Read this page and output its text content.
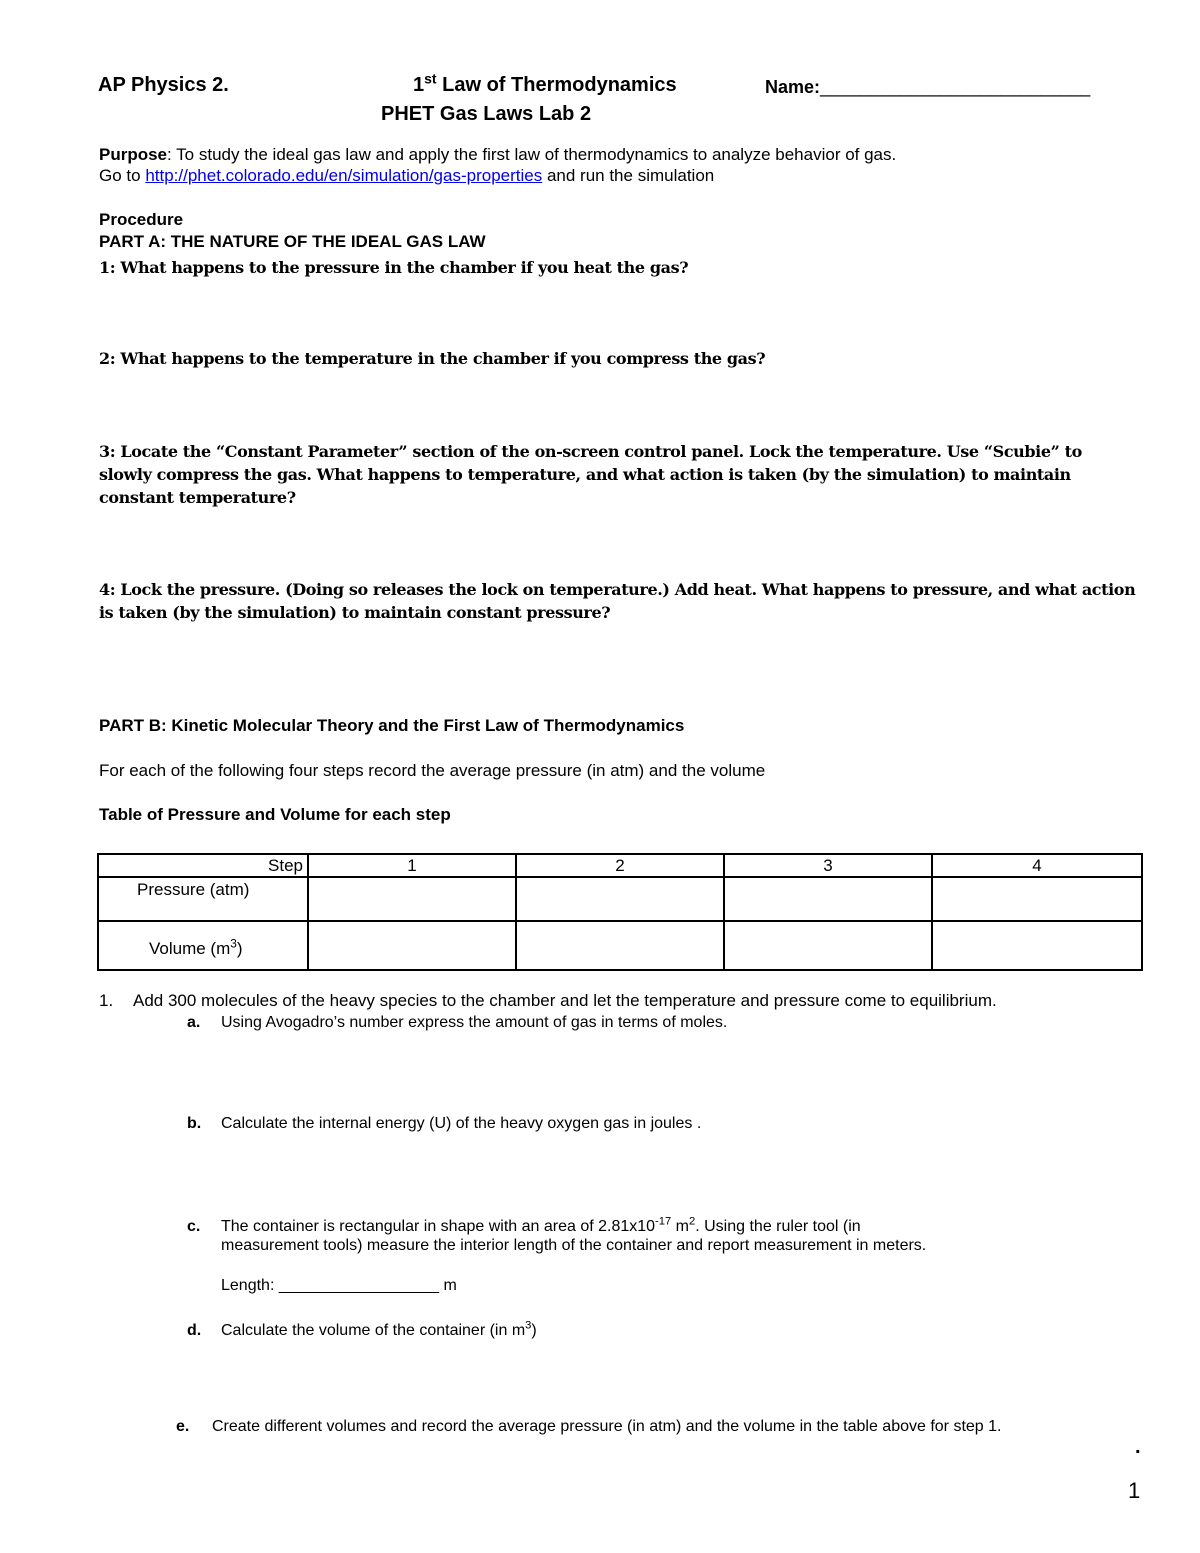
AP Physics 2.	1st Law of Thermodynamics	Name:___________________________
PHET Gas Laws Lab 2
Purpose: To study the ideal gas law and apply the first law of thermodynamics to analyze behavior of gas.
Go to http://phet.colorado.edu/en/simulation/gas-properties and run the simulation
Procedure
PART A: THE NATURE OF THE IDEAL GAS LAW
1: What happens to the pressure in the chamber if you heat the gas?
2: What happens to the temperature in the chamber if you compress the gas?
3: Locate the “Constant Parameter” section of the on-screen control panel. Lock the temperature. Use “Scubie” to
slowly compress the gas. What happens to temperature, and what action is taken (by the simulation) to maintain
constant temperature?
4: Lock the pressure. (Doing so releases the lock on temperature.) Add heat. What happens to pressure, and what action
is taken (by the simulation) to maintain constant pressure?
PART B: Kinetic Molecular Theory and the First Law of Thermodynamics
For each of the following four steps record the average pressure (in atm) and the volume
Table of Pressure and Volume for each step
Step	1	2	3	4
Pressure (atm)				
Volume $(m^3)$				
1. Add 300 molecules of the heavy species to the chamber and let the temperature and pressure come to equilibrium.
a. Using Avogadro’s number express the amount of gas in terms of moles.
b. Calculate the internal energy (U) of the heavy oxygen gas in joules .
c. The container is rectangular in shape with an area of $2.81x10^{-17}$ $m^2$. Using the ruler tool (in
measurement tools) measure the interior length of the container and report measurement in meters.
Length: __________________ m
d. Calculate the volume of the container (in $m^3$)
e. Create different volumes and record the average pressure (in atm) and the volume in the table above for step 1.
.
1
